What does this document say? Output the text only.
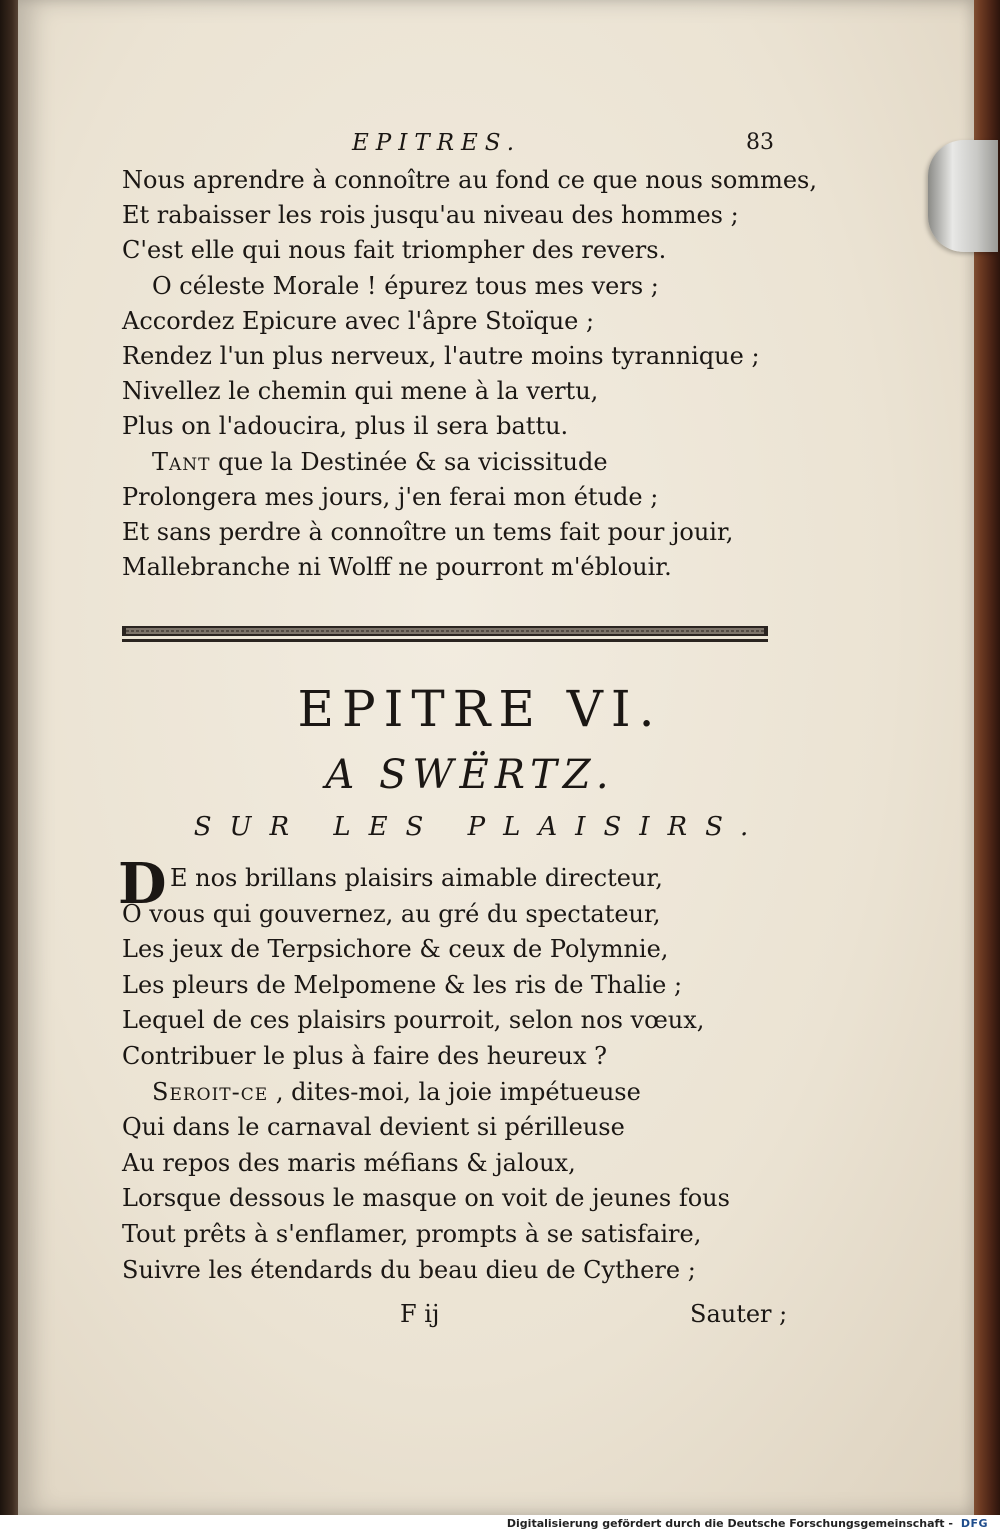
EPITRES.	83
Nous aprendre à connoître au fond ce que nous sommes,
Et rabaisser les rois jusqu'au niveau des hommes ;
C'est elle qui nous fait triompher des revers.
O céleste Morale ! épurez tous mes vers ;
Accordez Epicure avec l'âpre Stoïque ;
Rendez l'un plus nerveux, l'autre moins tyrannique ;
Nivellez le chemin qui mene à la vertu,
Plus on l'adoucira, plus il sera battu.
Tant que la Destinée & sa vicissitude
Prolongera mes jours, j'en ferai mon étude ;
Et sans perdre à connoître un tems fait pour jouir,
Mallebranche ni Wolff ne pourront m'éblouir.
EPITRE VI.
A SWËRTZ.
SUR LES PLAISIRS.
D E nos brillans plaisirs aimable directeur,
O vous qui gouvernez, au gré du spectateur,
Les jeux de Terpsichore & ceux de Polymnie,
Les pleurs de Melpomene & les ris de Thalie ;
Lequel de ces plaisirs pourroit, selon nos vœux,
Contribuer le plus à faire des heureux ?
Seroit-ce , dites-moi, la joie impétueuse
Qui dans le carnaval devient si périlleuse
Au repos des maris méfians & jaloux,
Lorsque dessous le masque on voit de jeunes fous
Tout prêts à s'enflamer, prompts à se satisfaire,
Suivre les étendards du beau dieu de Cythere ;
F ij	Sauter ;
Digitalisierung gefördert durch die Deutsche Forschungsgemeinschaft - DFG
